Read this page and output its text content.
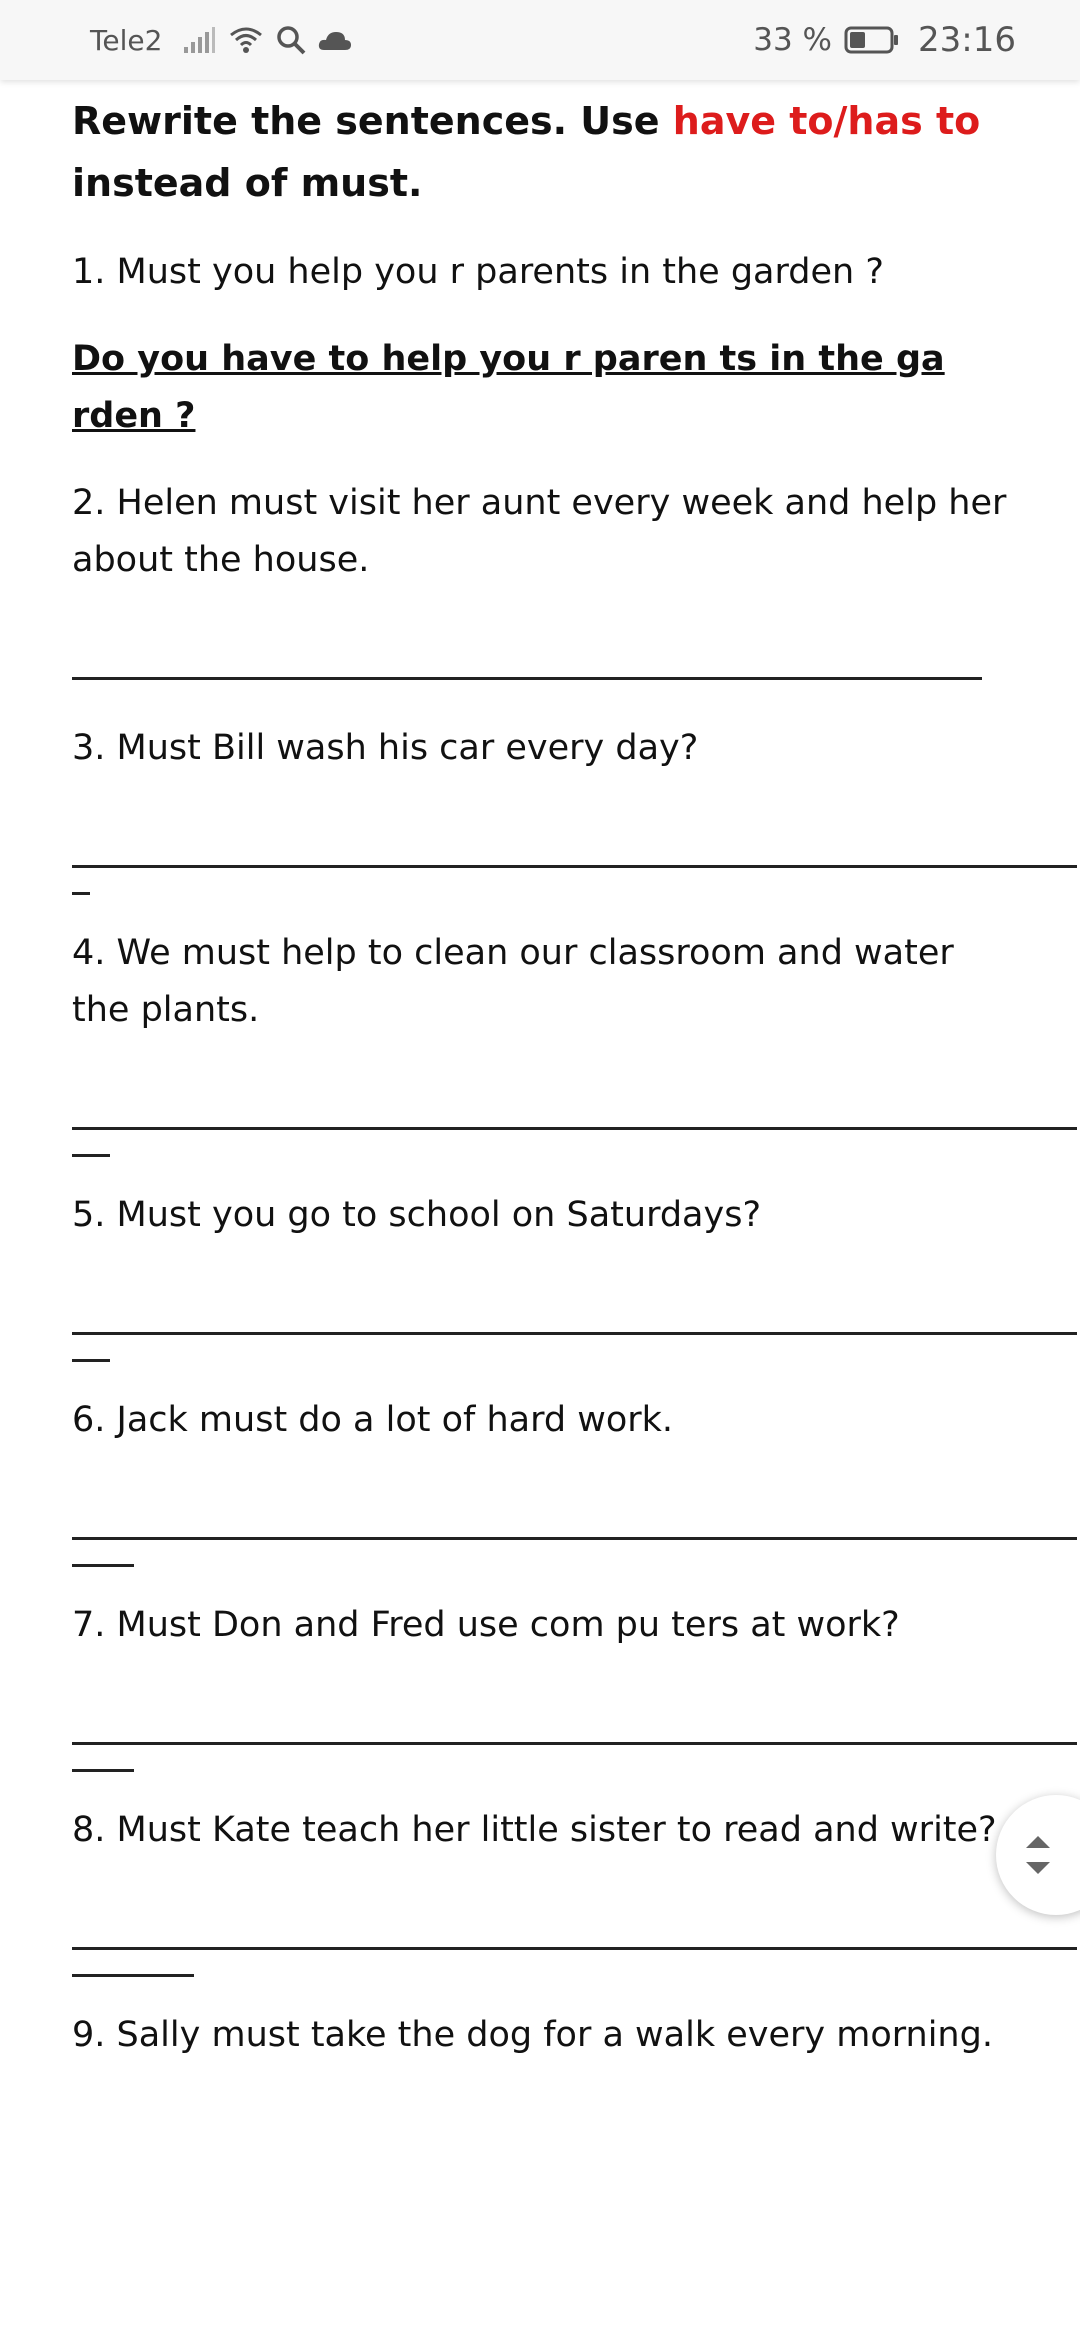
Tele2	33 %	23:16
Rewrite the sentences. Use have to/has to
instead of must.
1. Must you help you r parents in the garden ?
Do you have to help you r paren ts in the ga rden ?
2. Helen must visit her aunt every week and help her about the house.
3. Must Bill wash his car every day?
4. We must help to clean our classroom and water the plants.
5. Must you go to school on Saturdays?
6. Jack must do a lot of hard work.
7. Must Don and Fred use com pu ters at work?
8. Must Kate teach her little sister to read and write?
9. Sally must take the dog for a walk every morning.
